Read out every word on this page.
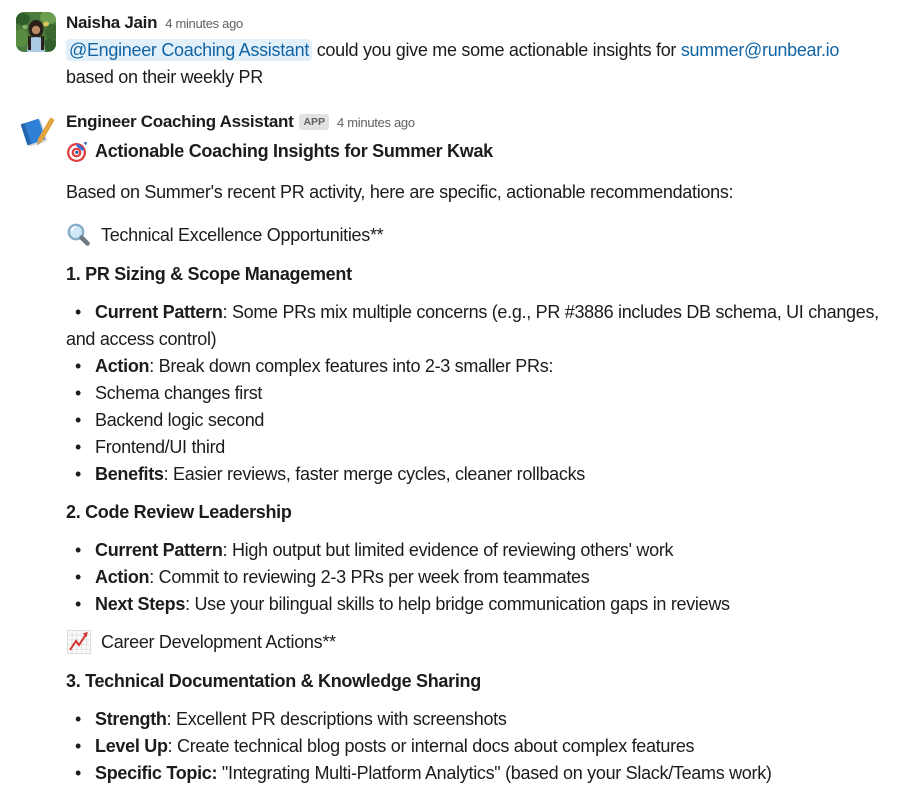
Naisha Jain 4 minutes ago
@Engineer Coaching Assistant could you give me some actionable insights for summer@runbear.io
based on their weekly PR
Engineer Coaching Assistant APP 4 minutes ago
Actionable Coaching Insights for Summer Kwak
Based on Summer's recent PR activity, here are specific, actionable recommendations:
Technical Excellence Opportunities**
1. PR Sizing & Scope Management
• Current Pattern: Some PRs mix multiple concerns (e.g., PR #3886 includes DB schema, UI changes, and access control)
• Action: Break down complex features into 2-3 smaller PRs:
• Schema changes first
• Backend logic second
• Frontend/UI third
• Benefits: Easier reviews, faster merge cycles, cleaner rollbacks
2. Code Review Leadership
• Current Pattern: High output but limited evidence of reviewing others' work
• Action: Commit to reviewing 2-3 PRs per week from teammates
• Next Steps: Use your bilingual skills to help bridge communication gaps in reviews
Career Development Actions**
3. Technical Documentation & Knowledge Sharing
• Strength: Excellent PR descriptions with screenshots
• Level Up: Create technical blog posts or internal docs about complex features
• Specific Topic: "Integrating Multi-Platform Analytics" (based on your Slack/Teams work)
